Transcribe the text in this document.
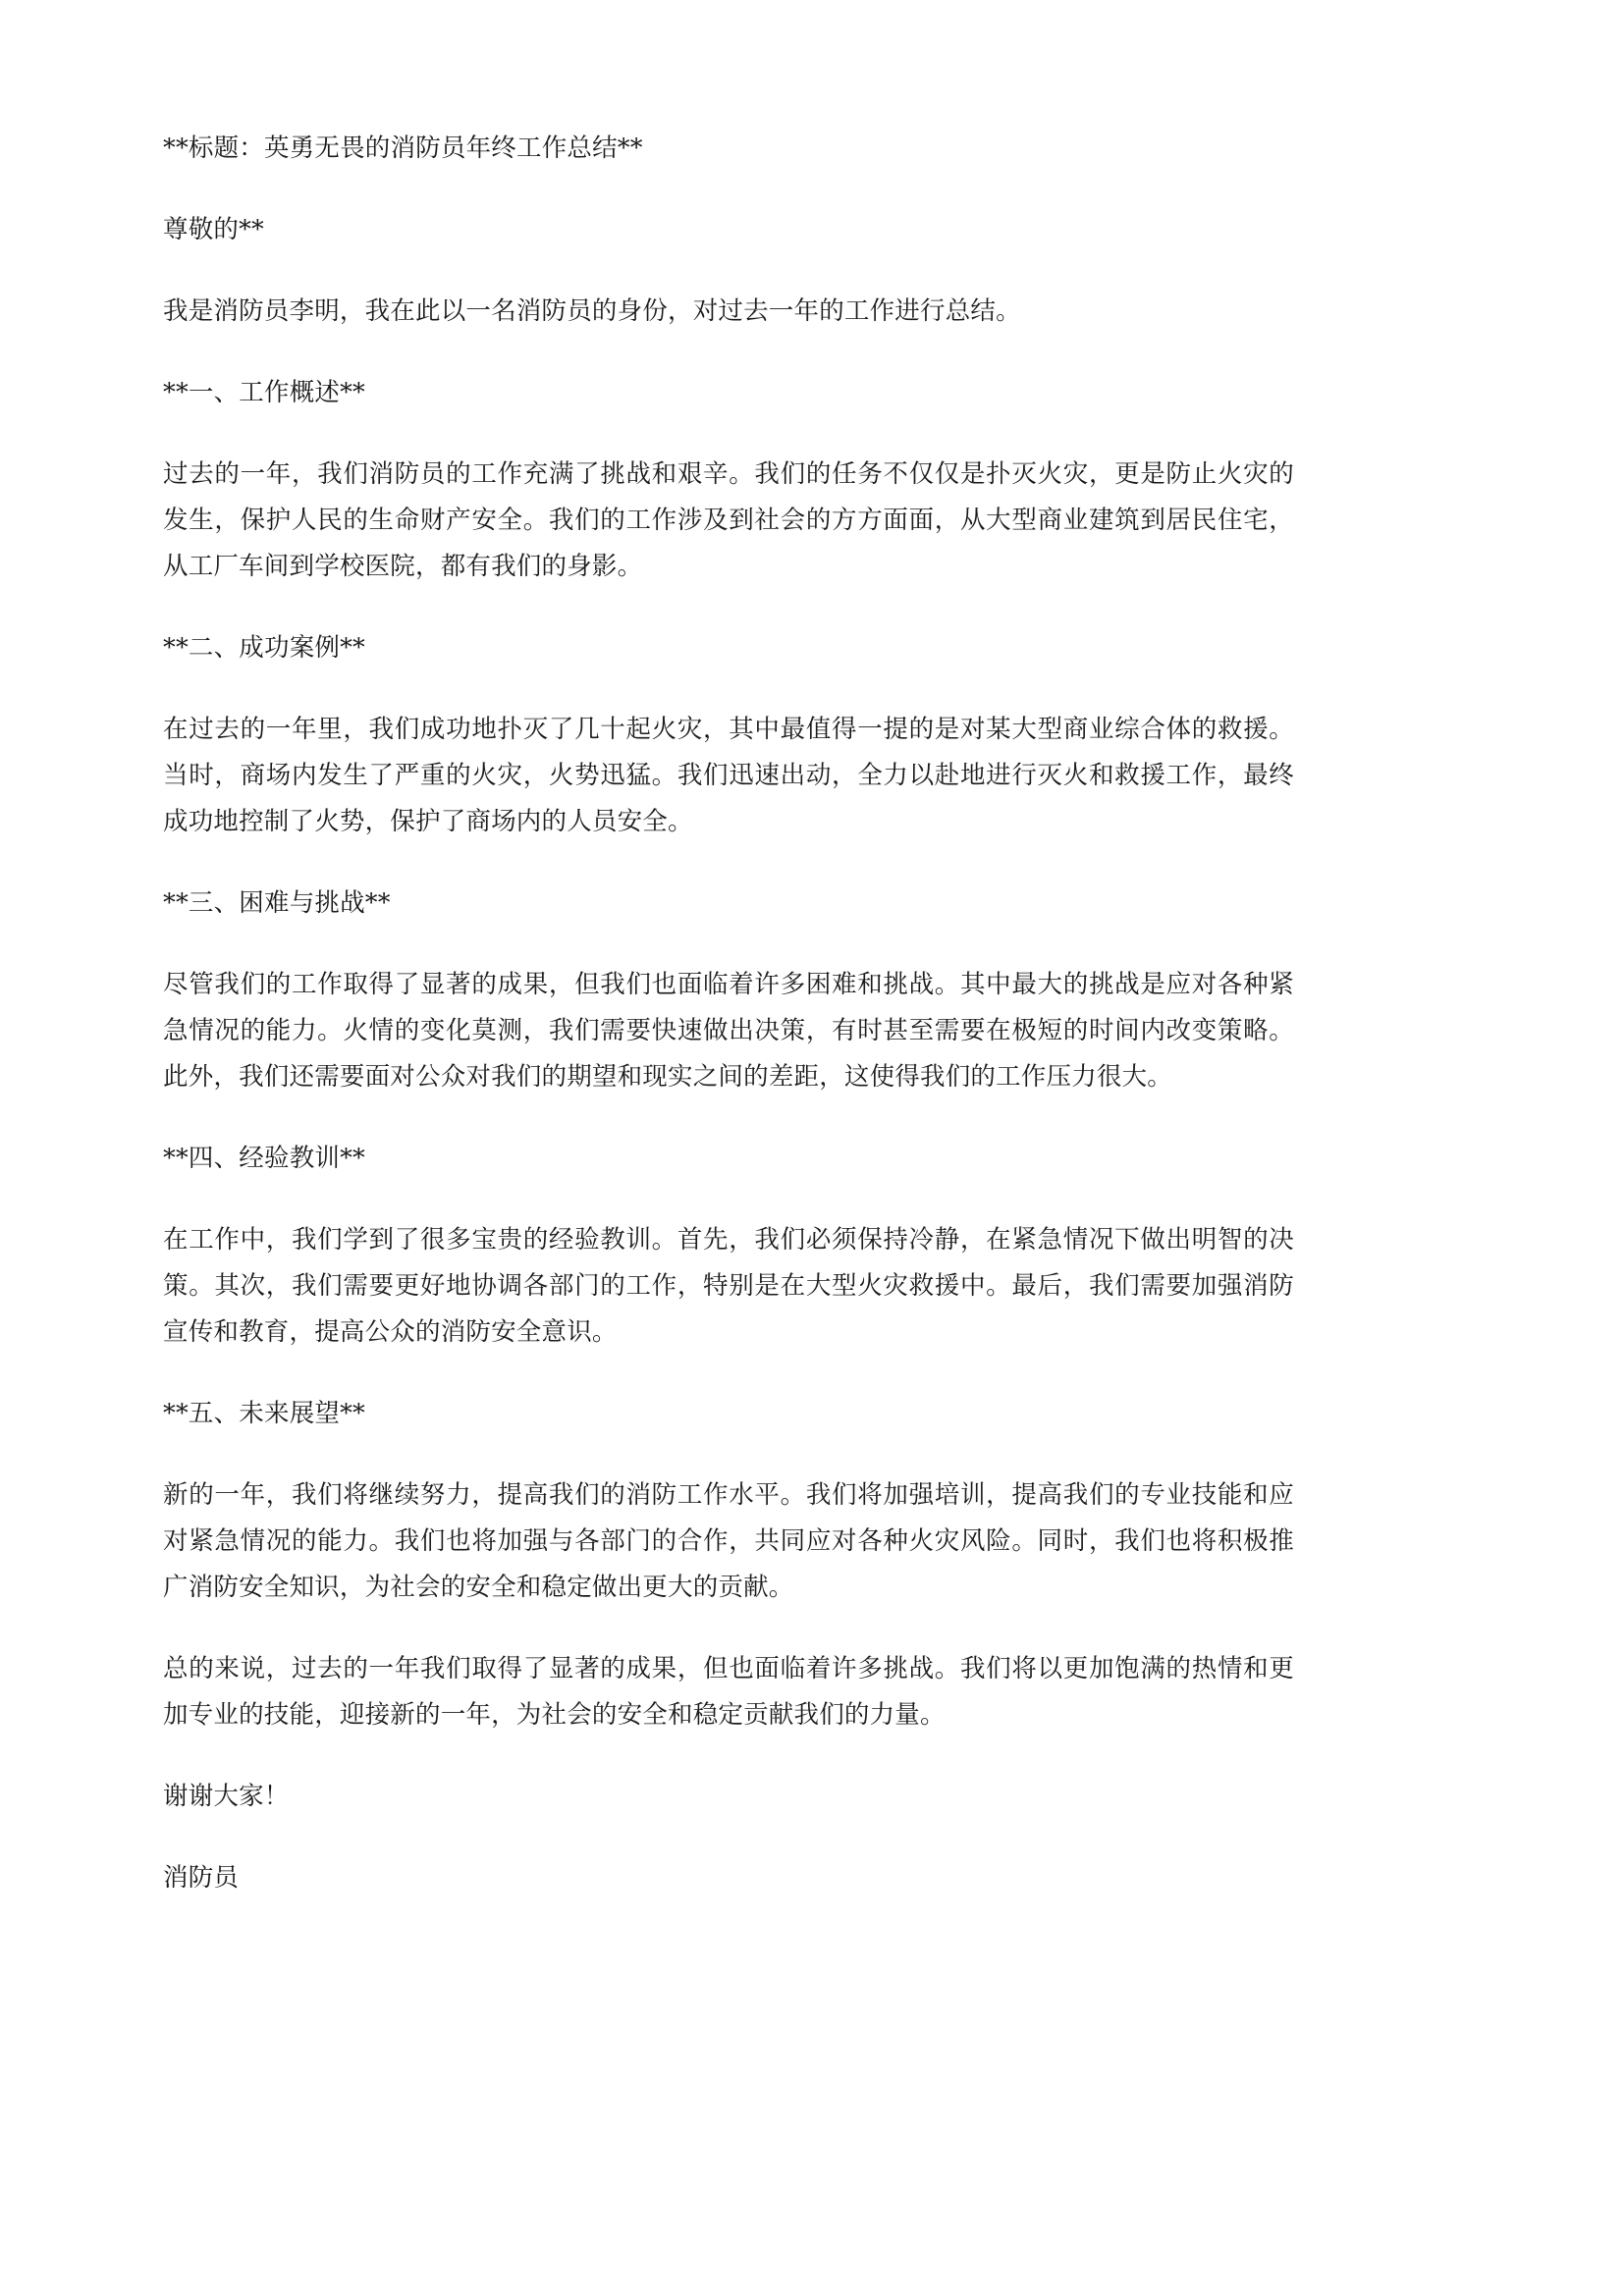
**标题：英勇无畏的消防员年终工作总结**

尊敬的**

我是消防员李明，我在此以一名消防员的身份，对过去一年的工作进行总结。

**一、工作概述**

过去的一年，我们消防员的工作充满了挑战和艰辛。我们的任务不仅仅是扑灭火灾，更是防止火灾的发生，保护人民的生命财产安全。我们的工作涉及到社会的方方面面，从大型商业建筑到居民住宅，从工厂车间到学校医院，都有我们的身影。

**二、成功案例**

在过去的一年里，我们成功地扑灭了几十起火灾，其中最值得一提的是对某大型商业综合体的救援。当时，商场内发生了严重的火灾，火势迅猛。我们迅速出动，全力以赴地进行灭火和救援工作，最终成功地控制了火势，保护了商场内的人员安全。

**三、困难与挑战**

尽管我们的工作取得了显著的成果，但我们也面临着许多困难和挑战。其中最大的挑战是应对各种紧急情况的能力。火情的变化莫测，我们需要快速做出决策，有时甚至需要在极短的时间内改变策略。此外，我们还需要面对公众对我们的期望和现实之间的差距，这使得我们的工作压力很大。

**四、经验教训**

在工作中，我们学到了很多宝贵的经验教训。首先，我们必须保持冷静，在紧急情况下做出明智的决策。其次，我们需要更好地协调各部门的工作，特别是在大型火灾救援中。最后，我们需要加强消防宣传和教育，提高公众的消防安全意识。

**五、未来展望**

新的一年，我们将继续努力，提高我们的消防工作水平。我们将加强培训，提高我们的专业技能和应对紧急情况的能力。我们也将加强与各部门的合作，共同应对各种火灾风险。同时，我们也将积极推广消防安全知识，为社会的安全和稳定做出更大的贡献。

总的来说，过去的一年我们取得了显著的成果，但也面临着许多挑战。我们将以更加饱满的热情和更加专业的技能，迎接新的一年，为社会的安全和稳定贡献我们的力量。

谢谢大家！

消防员
